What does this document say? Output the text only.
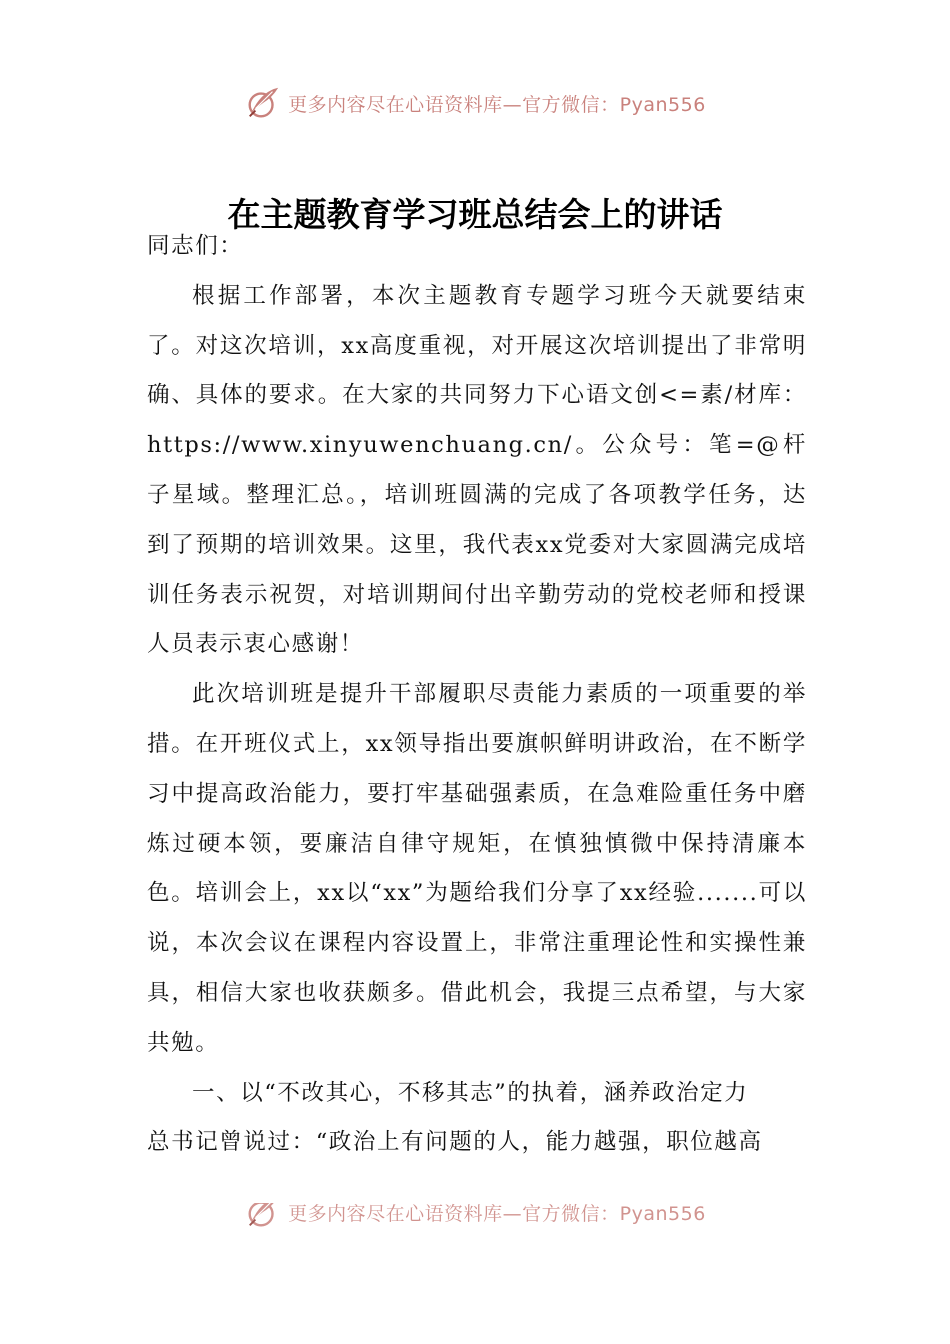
更多内容尽在心语资料库—官方微信：Pyan556
在主题教育学习班总结会上的讲话

同志们：

根据工作部署，本次主题教育专题学习班今天就要结束了。对这次培训，xx高度重视，对开展这次培训提出了非常明确、具体的要求。在大家的共同努力下心语文创<=素/材库：https://www.xinyuwenchuang.cn/。公众号：笔=@杆子星域。整理汇总。，培训班圆满的完成了各项教学任务，达到了预期的培训效果。这里，我代表xx党委对大家圆满完成培训任务表示祝贺，对培训期间付出辛勤劳动的党校老师和授课人员表示衷心感谢！

此次培训班是提升干部履职尽责能力素质的一项重要的举措。在开班仪式上，xx领导指出要旗帜鲜明讲政治，在不断学习中提高政治能力，要打牢基础强素质，在急难险重任务中磨炼过硬本领，要廉洁自律守规矩，在慎独慎微中保持清廉本色。培训会上，xx以“xx”为题给我们分享了xx经验.......可以说，本次会议在课程内容设置上，非常注重理论性和实操性兼具，相信大家也收获颇多。借此机会，我提三点希望，与大家共勉。

一、以“不改其心，不移其志”的执着，涵养政治定力

总书记曾说过：“政治上有问题的人，能力越强，职位越高

更多内容尽在心语资料库—官方微信：Pyan556
